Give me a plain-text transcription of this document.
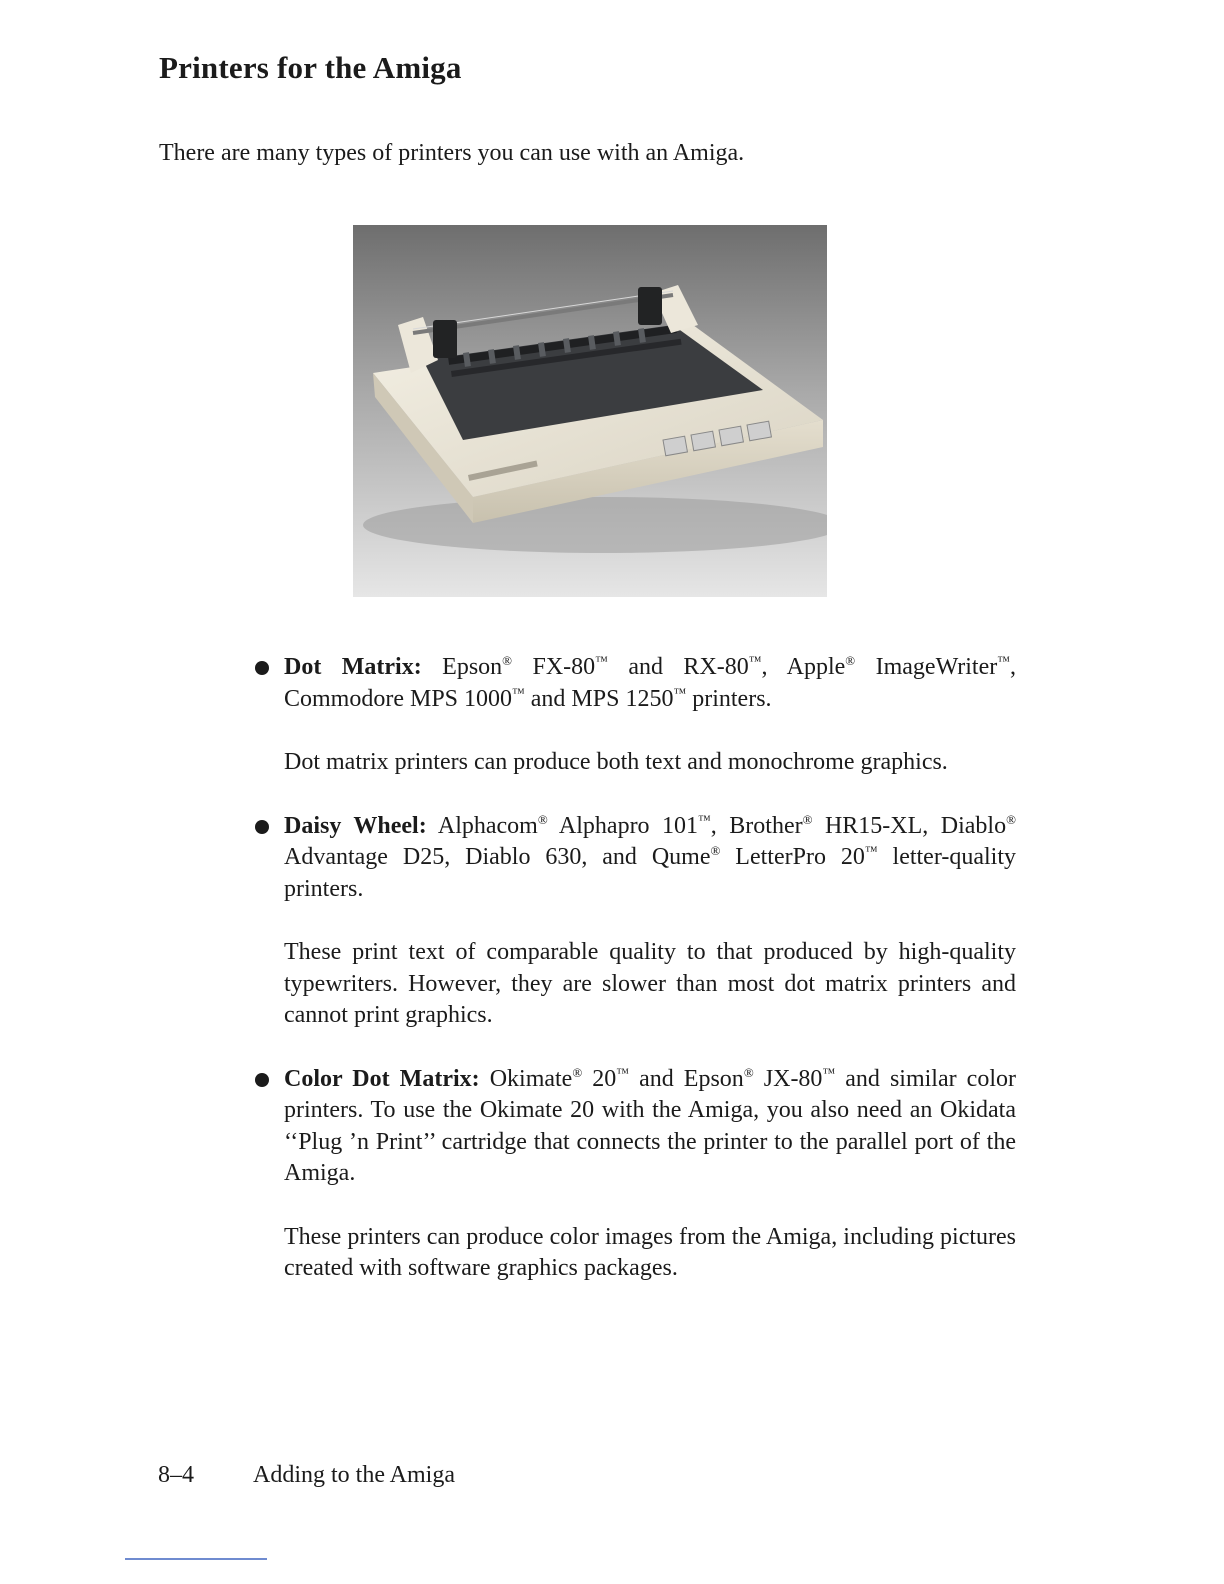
Printers for the Amiga

There are many types of printers you can use with an Amiga.

Dot Matrix: Epson® FX-80™ and RX-80™, Apple® ImageWriter™, Commodore MPS 1000™ and MPS 1250™ printers.

Dot matrix printers can produce both text and monochrome graphics.

Daisy Wheel: Alphacom® Alphapro 101™, Brother® HR15-XL, Diablo® Advantage D25, Diablo 630, and Qume® LetterPro 20™ letter-quality printers.

These print text of comparable quality to that produced by high-quality typewriters. However, they are slower than most dot matrix printers and cannot print graphics.

Color Dot Matrix: Okimate® 20™ and Epson® JX-80™ and similar color printers. To use the Okimate 20 with the Amiga, you also need an Okidata ‘‘Plug ’n Print’’ cartridge that connects the printer to the parallel port of the Amiga.

These printers can produce color images from the Amiga, including pictures created with software graphics packages.

8–4 Adding to the Amiga
